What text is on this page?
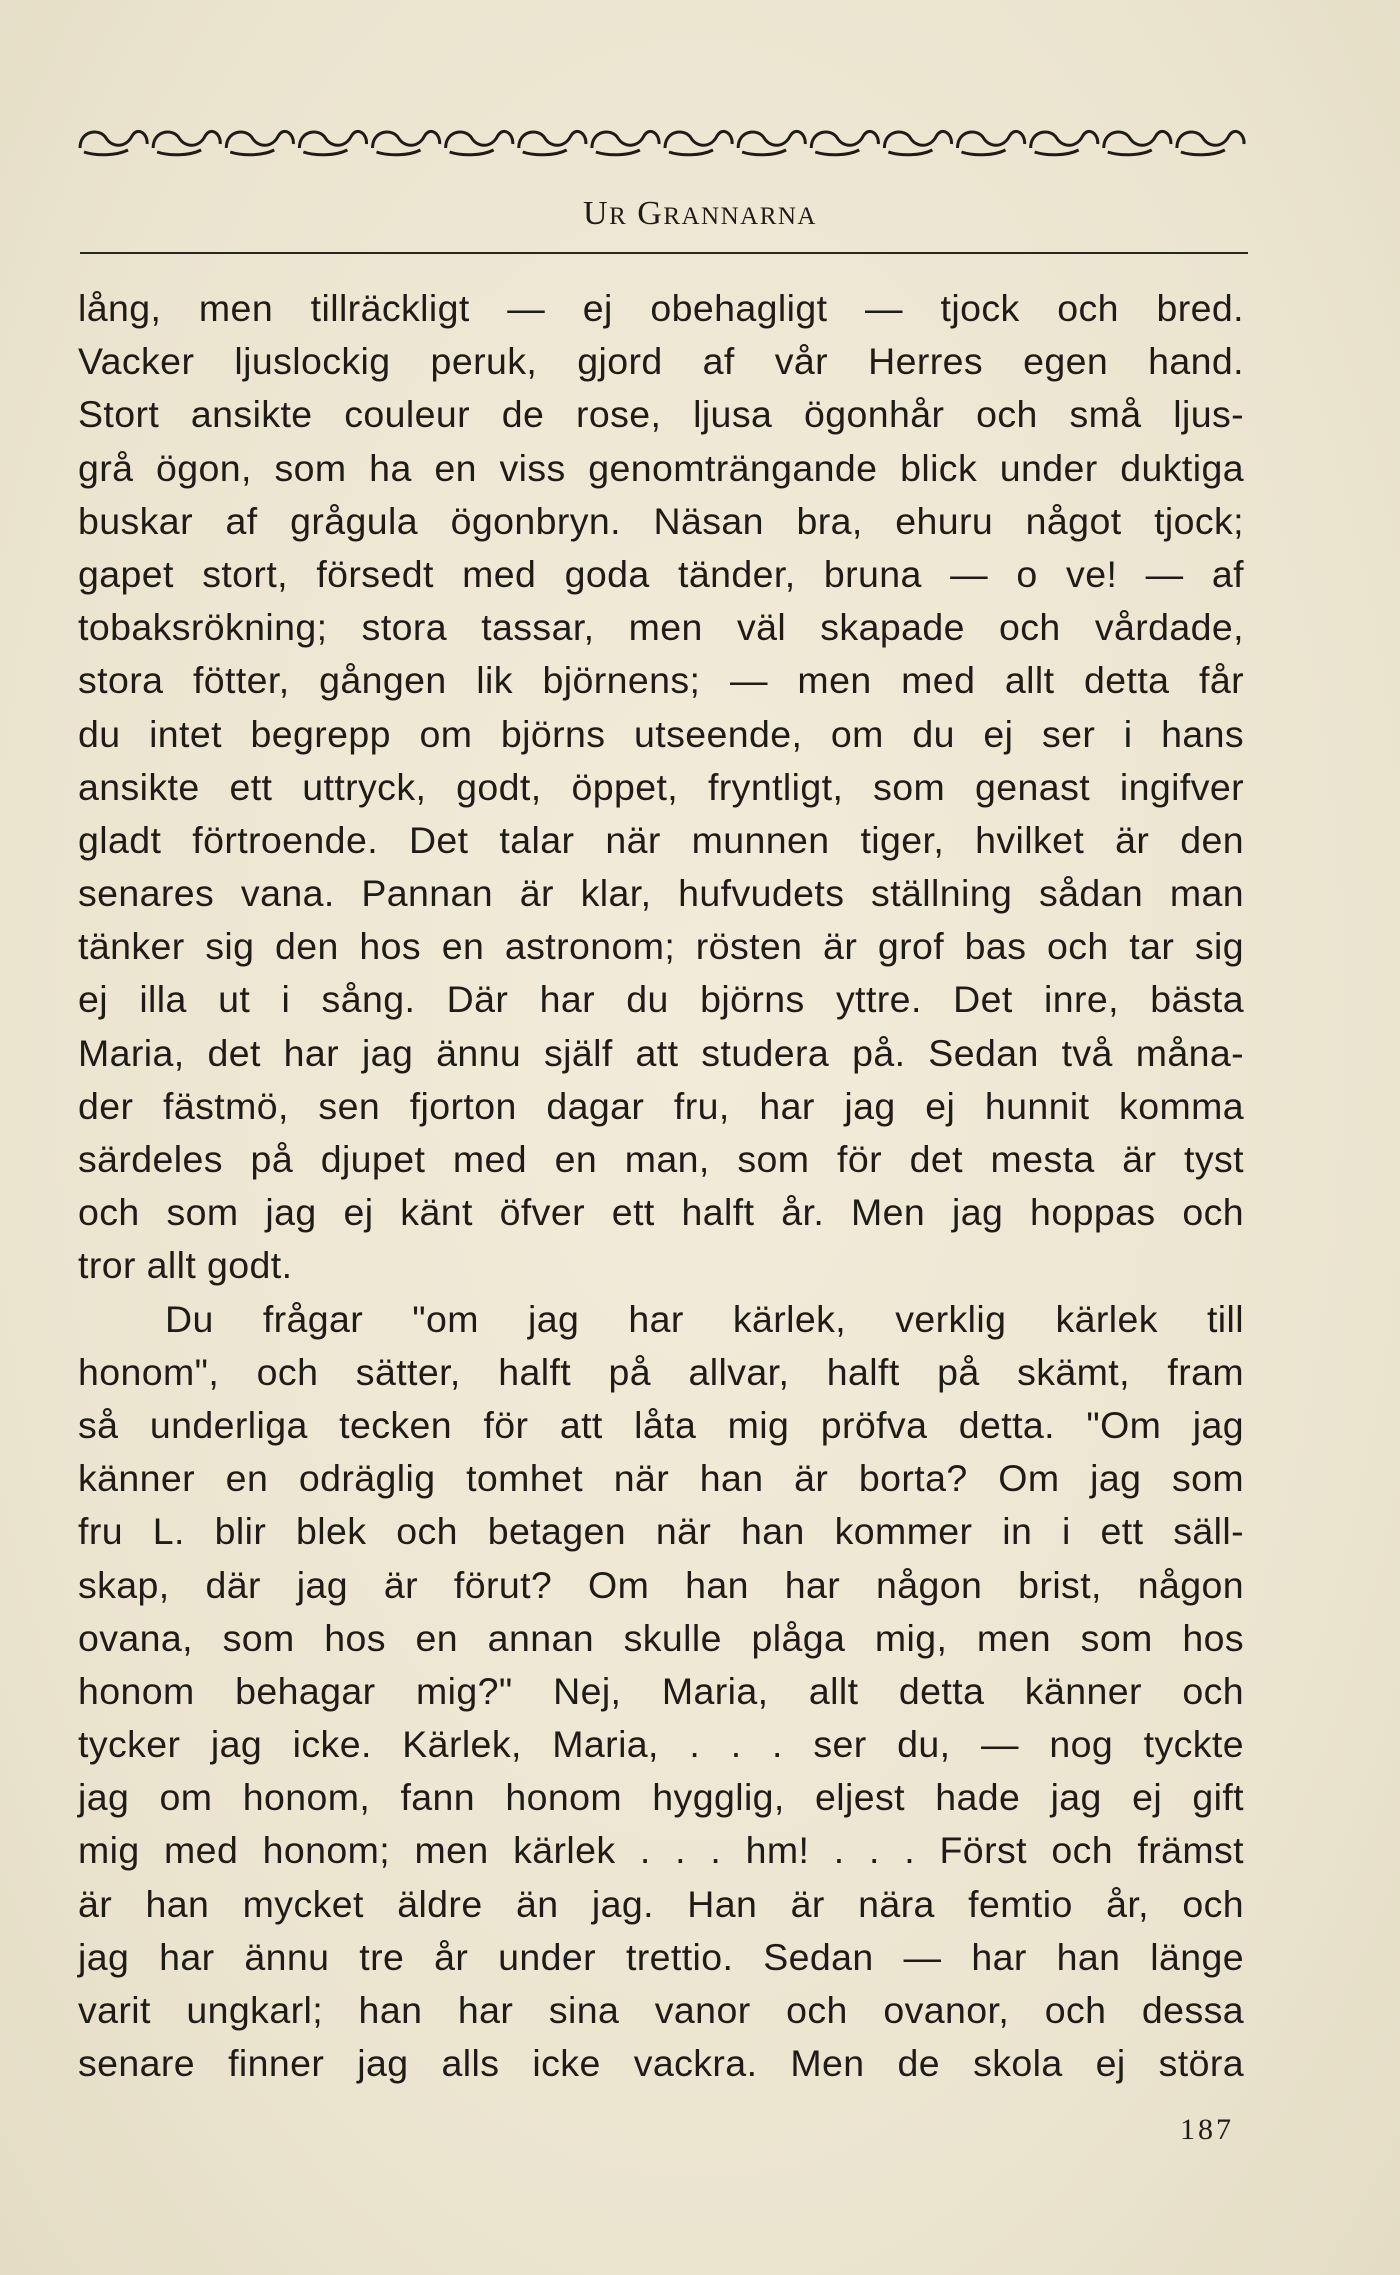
UR GRANNARNA
lång, men tillräckligt — ej obehagligt — tjock och bred.
Vacker ljuslockig peruk, gjord af vår Herres egen hand.
Stort ansikte couleur de rose, ljusa ögonhår och små ljus-
grå ögon, som ha en viss genomträngande blick under duktiga
buskar af grågula ögonbryn. Näsan bra, ehuru något tjock;
gapet stort, försedt med goda tänder, bruna — o ve! — af
tobaksrökning; stora tassar, men väl skapade och vårdade,
stora fötter, gången lik björnens; — men med allt detta får
du intet begrepp om björns utseende, om du ej ser i hans
ansikte ett uttryck, godt, öppet, fryntligt, som genast ingifver
gladt förtroende. Det talar när munnen tiger, hvilket är den
senares vana. Pannan är klar, hufvudets ställning sådan man
tänker sig den hos en astronom; rösten är grof bas och tar sig
ej illa ut i sång. Där har du björns yttre. Det inre, bästa
Maria, det har jag ännu själf att studera på. Sedan två måna-
der fästmö, sen fjorton dagar fru, har jag ej hunnit komma
särdeles på djupet med en man, som för det mesta är tyst
och som jag ej känt öfver ett halft år. Men jag hoppas och
tror allt godt.
Du frågar "om jag har kärlek, verklig kärlek till
honom", och sätter, halft på allvar, halft på skämt, fram
så underliga tecken för att låta mig pröfva detta. "Om jag
känner en odräglig tomhet när han är borta? Om jag som
fru L. blir blek och betagen när han kommer in i ett säll-
skap, där jag är förut? Om han har någon brist, någon
ovana, som hos en annan skulle plåga mig, men som hos
honom behagar mig?" Nej, Maria, allt detta känner och
tycker jag icke. Kärlek, Maria, . . . ser du, — nog tyckte
jag om honom, fann honom hygglig, eljest hade jag ej gift
mig med honom; men kärlek . . . hm! . . . Först och främst
är han mycket äldre än jag. Han är nära femtio år, och
jag har ännu tre år under trettio. Sedan — har han länge
varit ungkarl; han har sina vanor och ovanor, och dessa
senare finner jag alls icke vackra. Men de skola ej störa
187
